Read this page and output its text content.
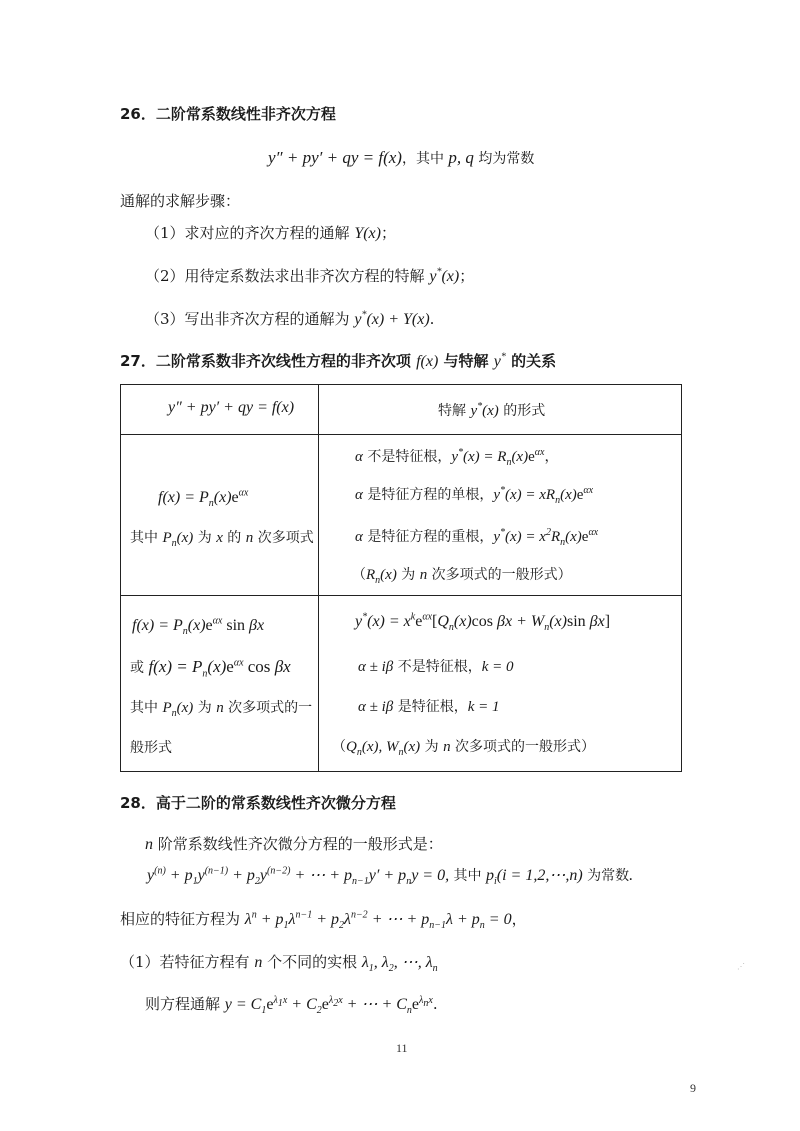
26．二阶常系数线性非齐次方程
y″ + py′ + qy = f(x)，其中 p, q 均为常数
通解的求解步骤：
（1）求对应的齐次方程的通解 Y(x)；
（2）用待定系数法求出非齐次方程的特解 y*(x)；
（3）写出非齐次方程的通解为 y*(x) + Y(x).
27．二阶常系数非齐次线性方程的非齐次项 f(x) 与特解 y* 的关系
y″ + py′ + qy = f(x)	特解 y*(x) 的形式
$f(x) = P_n(x)e^{\alpha x}$
其中 $P_n(x)$ 为 x 的 n 次多项式
α 不是特征根，$y^*(x) = R_n(x)e^{\alpha x}$，
α 是特征方程的单根，$y^*(x) = xR_n(x)e^{\alpha x}$
α 是特征方程的重根，$y^*(x) = x^2R_n(x)e^{\alpha x}$
（$R_n(x)$ 为 n 次多项式的一般形式）
$f(x) = P_n(x)e^{\alpha x}$ sin βx
或 $f(x) = P_n(x)e^{\alpha x}$ cos βx
其中 $P_n(x)$ 为 n 次多项式的一
般形式
$y^*(x) = x^ke^{\alpha x}[Q_n(x)\cos$ $\beta x + W_n(x)\sin$ βx]
α ± iβ 不是特征根，k = 0
α ± iβ 是特征根，k = 1
（$Q_n(x)$, $W_n(x)$ 为 n 次多项式的一般形式）
28．高于二阶的常系数线性齐次微分方程
n 阶常系数线性齐次微分方程的一般形式是：
$y^{(n)} + p_1y^{(n-1)} + p_2y^{(n-2)}$ + ⋯ + $p_{n-1}y' + p_ny = 0$, 其中 $p_i(i$ = 1,2,⋯,n) 为常数.
相应的特征方程为 $\lambda^n + p_1\lambda^{n-1} + p_2\lambda^{n-2}$ + ⋯ + $p_{n-1}\lambda + p_n = 0$，
（1）若特征方程有 n 个不同的实根 $\lambda_1$, $\lambda_2$, ⋯, $\lambda_n$
则方程通解 $y = C_1e^{\lambda_1x} + C_2e^{\lambda_2x}$ + ⋯ + $C_ne^{\lambda_nx}$.
⋰
11
9
